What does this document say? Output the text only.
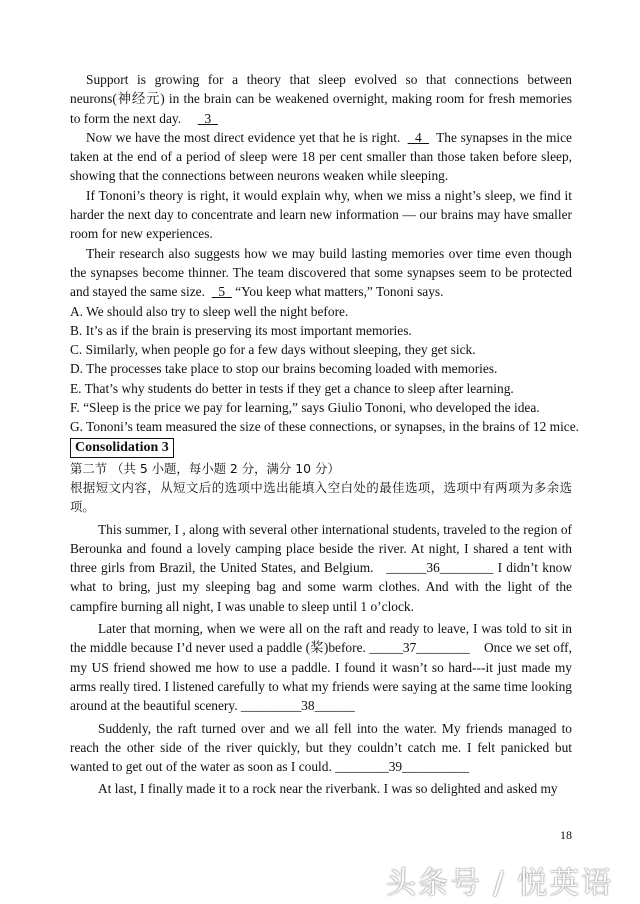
Support is growing for a theory that sleep evolved so that connections between neurons(神经元) in the brain can be weakened overnight, making room for fresh memories to form the next day. 3

Now we have the most direct evidence yet that he is right. 4 The synapses in the mice taken at the end of a period of sleep were 18 per cent smaller than those taken before sleep, showing that the connections between neurons weaken while sleeping.

If Tononi’s theory is right, it would explain why, when we miss a night’s sleep, we find it harder the next day to concentrate and learn new information — our brains may have smaller room for new experiences.

Their research also suggests how we may build lasting memories over time even though the synapses become thinner. The team discovered that some synapses seem to be protected and stayed the same size. 5 “You keep what matters,” Tononi says.

A. We should also try to sleep well the night before.

B. It’s as if the brain is preserving its most important memories.

C. Similarly, when people go for a few days without sleeping, they get sick.

D. The processes take place to stop our brains becoming loaded with memories.

E. That’s why students do better in tests if they get a chance to sleep after learning.

F. “Sleep is the price we pay for learning,” says Giulio Tononi, who developed the idea.

G. Tononi’s team measured the size of these connections, or synapses, in the brains of 12 mice.

Consolidation 3

第二节 （共 5 小题，每小题 2 分，满分 10 分）

根据短文内容，从短文后的选项中选出能填入空白处的最佳选项，选项中有两项为多余选项。

This summer, I , along with several other international students, traveled to the region of Berounka and found a lovely camping place beside the river. At night, I shared a tent with three girls from Brazil, the United States, and Belgium. ______36________ I didn’t know what to bring, just my sleeping bag and some warm clothes. And with the light of the campfire burning all night, I was unable to sleep until 1 o’clock.

Later that morning, when we were all on the raft and ready to leave, I was told to sit in the middle because I’d never used a paddle (桨)before. _____37________ Once we set off, my US friend showed me how to use a paddle. I found it wasn’t so hard---it just made my arms really tired. I listened carefully to what my friends were saying at the same time looking around at the beautiful scenery. _________38______

Suddenly, the raft turned over and we all fell into the water. My friends managed to reach the other side of the river quickly, but they couldn’t catch me. I felt panicked but wanted to get out of the water as soon as I could. ________39__________

At last, I finally made it to a rock near the riverbank. I was so delighted and asked my

18
头条号 / 悦英语
